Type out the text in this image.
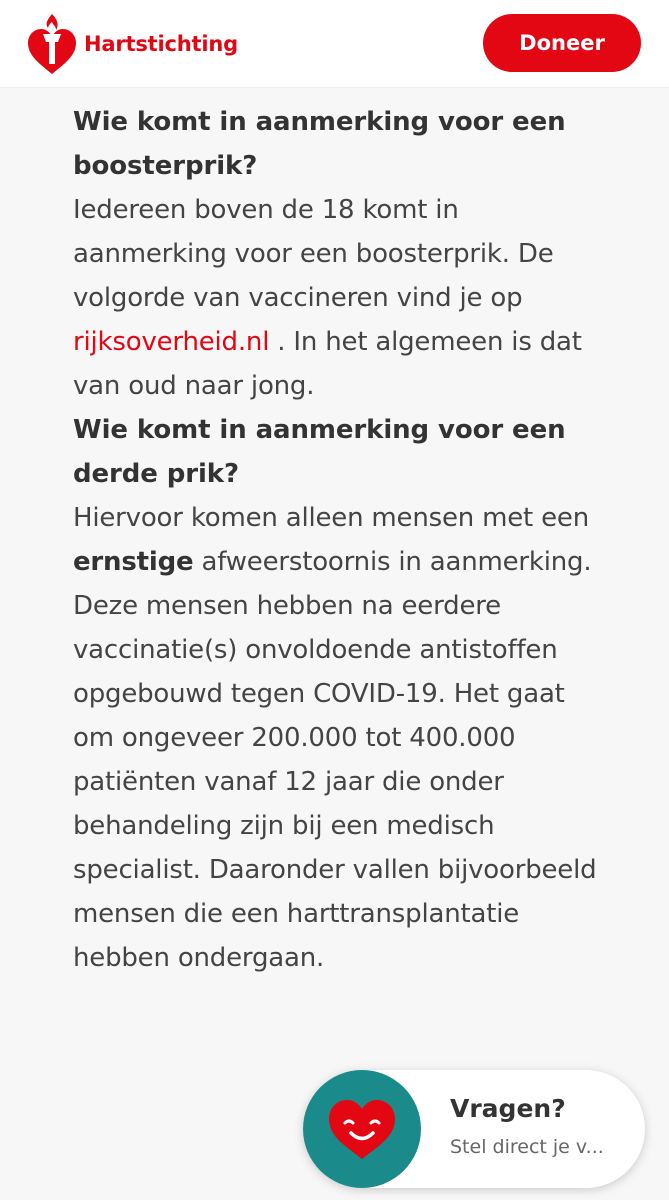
Hartstichting	Doneer
Wie komt in aanmerking voor een boosterprik?

Iedereen boven de 18 komt in aanmerking voor een boosterprik. De volgorde van vaccineren vind je op rijksoverheid.nl . In het algemeen is dat van oud naar jong.

Wie komt in aanmerking voor een derde prik?

Hiervoor komen alleen mensen met een ernstige afweerstoornis in aanmerking. Deze mensen hebben na eerdere vaccinatie(s) onvoldoende antistoffen opgebouwd tegen COVID-19. Het gaat om ongeveer 200.000 tot 400.000 patiënten vanaf 12 jaar die onder behandeling zijn bij een medisch specialist. Daaronder vallen bijvoorbeeld mensen die een harttransplantatie hebben ondergaan.

Vragen?
Stel direct je v...
